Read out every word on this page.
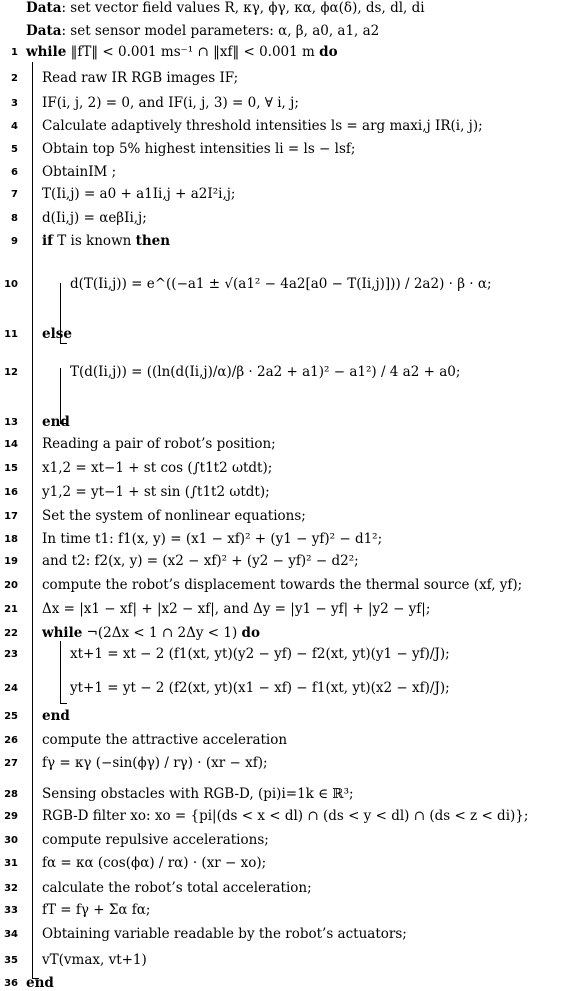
Data: set vector field values R, κγ, ϕγ, κα, ϕα(δ), ds, dl, di
Data: set sensor model parameters: α, β, a0, a1, a2
1 while ‖fT‖ < 0.001 ms⁻¹ ∩ ‖xf‖ < 0.001 m do
2 Read raw IR RGB images IF;
3 IF(i, j, 2) = 0, and IF(i, j, 3) = 0, ∀ i, j;
4 Calculate adaptively threshold intensities ls = arg maxi,j IR(i, j);
5 Obtain top 5% highest intensities li = ls − lsf;
6 ObtainIM ;
7 T(Ii,j) = a0 + a1Ii,j + a2I²i,j;
8 d(Ii,j) = αeβIi,j;
9 if T is known then
10	d(T(Ii,j)) = e^((−a1 ± √(a1² − 4a2[a0 − T(Ii,j)])) / 2a2) · β · α;
11 else
12	T(d(Ii,j)) = ((ln(d(Ii,j)/α)/β · 2a2 + a1)² − a1²) / 4 a2 + a0;
13 end
14 Reading a pair of robot’s position;
15 x1,2 = xt−1 + st cos (∫t1t2 ωtdt);
16 y1,2 = yt−1 + st sin (∫t1t2 ωtdt);
17 Set the system of nonlinear equations;
18 In time t1: f1(x, y) = (x1 − xf)² + (y1 − yf)² − d1²;
19 and t2: f2(x, y) = (x2 − xf)² + (y2 − yf)² − d2²;
20 compute the robot’s displacement towards the thermal source (xf, yf);
21 Δx = |x1 − xf| + |x2 − xf|, and Δy = |y1 − yf| + |y2 − yf|;
22 while ¬(2Δx < 1 ∩ 2Δy < 1) do
23	xt+1 = xt − 2 (f1(xt, yt)(y2 − yf) − f2(xt, yt)(y1 − yf)/J);
24	yt+1 = yt − 2 (f2(xt, yt)(x1 − xf) − f1(xt, yt)(x2 − xf)/J);
25 end
26 compute the attractive acceleration
27 fγ = κγ (−sin(ϕγ) / rγ) · (xr − xf);
28 Sensing obstacles with RGB-D, (pi)i=1k ∈ ℝ³;
29 RGB-D filter xo: xo = {pi|(ds < x < dl) ∩ (ds < y < dl) ∩ (ds < z < di)};
30 compute repulsive accelerations;
31 fα = κα (cos(ϕα) / rα) · (xr − xo);
32 calculate the robot’s total acceleration;
33 fT = fγ + Σα fα;
34 Obtaining variable readable by the robot’s actuators;
35 vT(vmax, vt+1)
36 end
